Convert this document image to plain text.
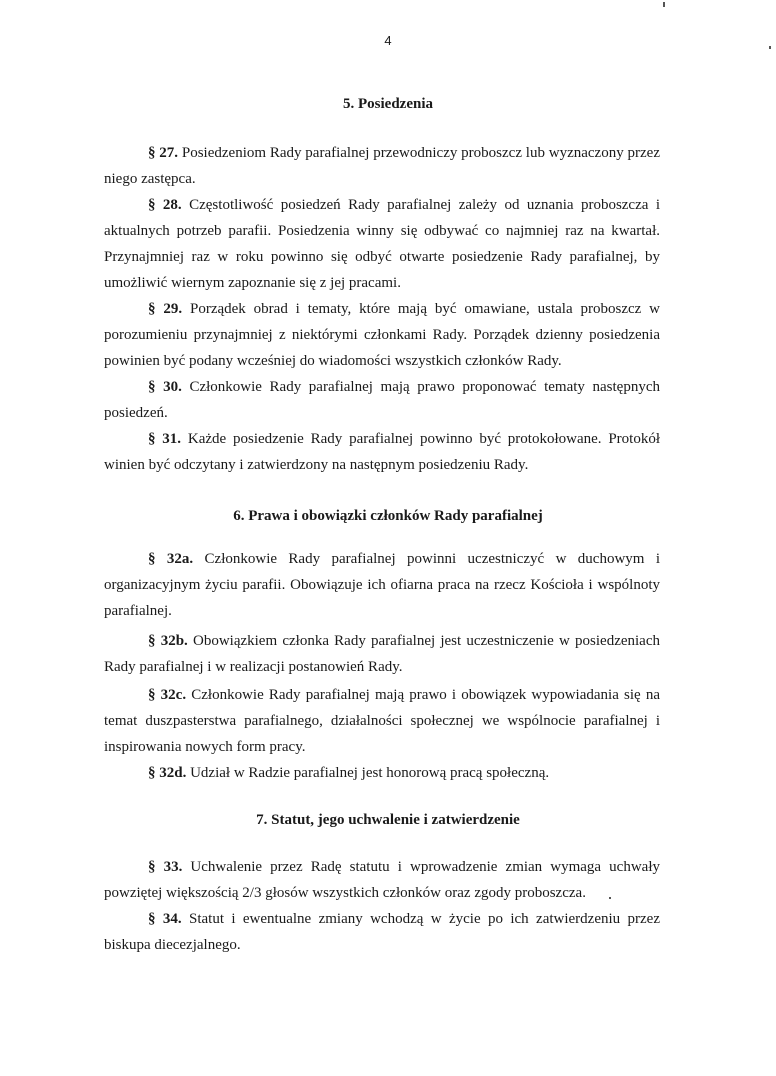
4
5. Posiedzenia

§ 27. Posiedzeniom Rady parafialnej przewodniczy proboszcz lub wyznaczony przez niego zastępca.

§ 28. Częstotliwość posiedzeń Rady parafialnej zależy od uznania proboszcza i aktualnych potrzeb parafii. Posiedzenia winny się odbywać co najmniej raz na kwartał. Przynajmniej raz w roku powinno się odbyć otwarte posiedzenie Rady parafialnej, by umożliwić wiernym zapoznanie się z jej pracami.

§ 29. Porządek obrad i tematy, które mają być omawiane, ustala proboszcz w porozumieniu przynajmniej z niektórymi członkami Rady. Porządek dzienny posiedzenia powinien być podany wcześniej do wiadomości wszystkich członków Rady.

§ 30. Członkowie Rady parafialnej mają prawo proponować tematy następnych posiedzeń.

§ 31. Każde posiedzenie Rady parafialnej powinno być protokołowane. Protokół winien być odczytany i zatwierdzony na następnym posiedzeniu Rady.

6. Prawa i obowiązki członków Rady parafialnej

§ 32a. Członkowie Rady parafialnej powinni uczestniczyć w duchowym i organizacyjnym życiu parafii. Obowiązuje ich ofiarna praca na rzecz Kościoła i wspólnoty parafialnej.

§ 32b. Obowiązkiem członka Rady parafialnej jest uczestniczenie w posiedzeniach Rady parafialnej i w realizacji postanowień Rady.

§ 32c. Członkowie Rady parafialnej mają prawo i obowiązek wypowiadania się na temat duszpasterstwa parafialnego, działalności społecznej we wspólnocie parafialnej i inspirowania nowych form pracy.

§ 32d. Udział w Radzie parafialnej jest honorową pracą społeczną.

7. Statut, jego uchwalenie i zatwierdzenie

§ 33. Uchwalenie przez Radę statutu i wprowadzenie zmian wymaga uchwały powziętej większością 2/3 głosów wszystkich członków oraz zgody proboszcza.

§ 34. Statut i ewentualne zmiany wchodzą w życie po ich zatwierdzeniu przez biskupa diecezjalnego.
